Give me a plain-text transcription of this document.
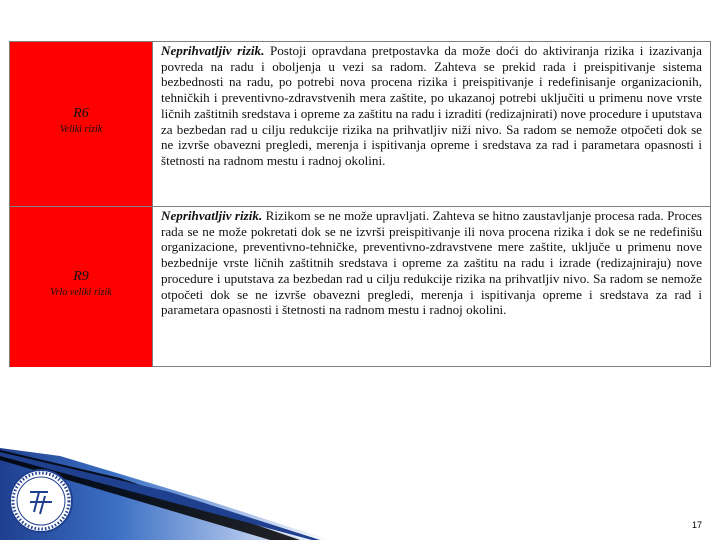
R6
Veliki rizik
Neprihvatljiv rizik. Postoji opravdana pretpostavka da može doći do aktiviranja rizika i izazivanja povreda na radu i oboljenja u vezi sa radom. Zahteva se prekid rada i preispitivanje sistema bezbednosti na radu, po potrebi nova procena rizika i preispitivanje i redefinisanje organizacionih, tehničkih i preventivno-zdravstvenih mera zaštite, po ukazanoj potrebi uključiti u primenu nove vrste ličnih zaštitnih sredstava i opreme za zaštitu na radu i izraditi (redizajnirati) nove procedure i uputstava za bezbedan rad u cilju redukcije rizika na prihvatljiv niži nivo. Sa radom se nemože otpočeti dok se ne izvrše obavezni pregledi, merenja i ispitivanja opreme i sredstava za rad i parametara opasnosti i štetnosti na radnom mestu i radnoj okolini.
R9
Vrlo veliki rizik
Neprihvatljiv rizik. Rizikom se ne može upravljati. Zahteva se hitno zaustavljanje procesa rada. Proces rada se ne može pokretati dok se ne izvrši preispitivanje ili nova procena rizika i dok se ne redefinišu organizacione, preventivno-tehničke, preventivno-zdravstvene mere zaštite, uključe u primenu nove bezbednije vrste ličnih zaštitnih sredstava i opreme za zaštitu na radu i izrade (redizajniraju) nove procedure i uputstava za bezbedan rad u cilju redukcije rizika na prihvatljiv nivo. Sa radom se nemože otpočeti dok se ne izvrše obavezni pregledi, merenja i ispitivanja opreme i sredstava za rad i parametara opasnosti i štetnosti na radnom mestu i radnoj okolini.
17
